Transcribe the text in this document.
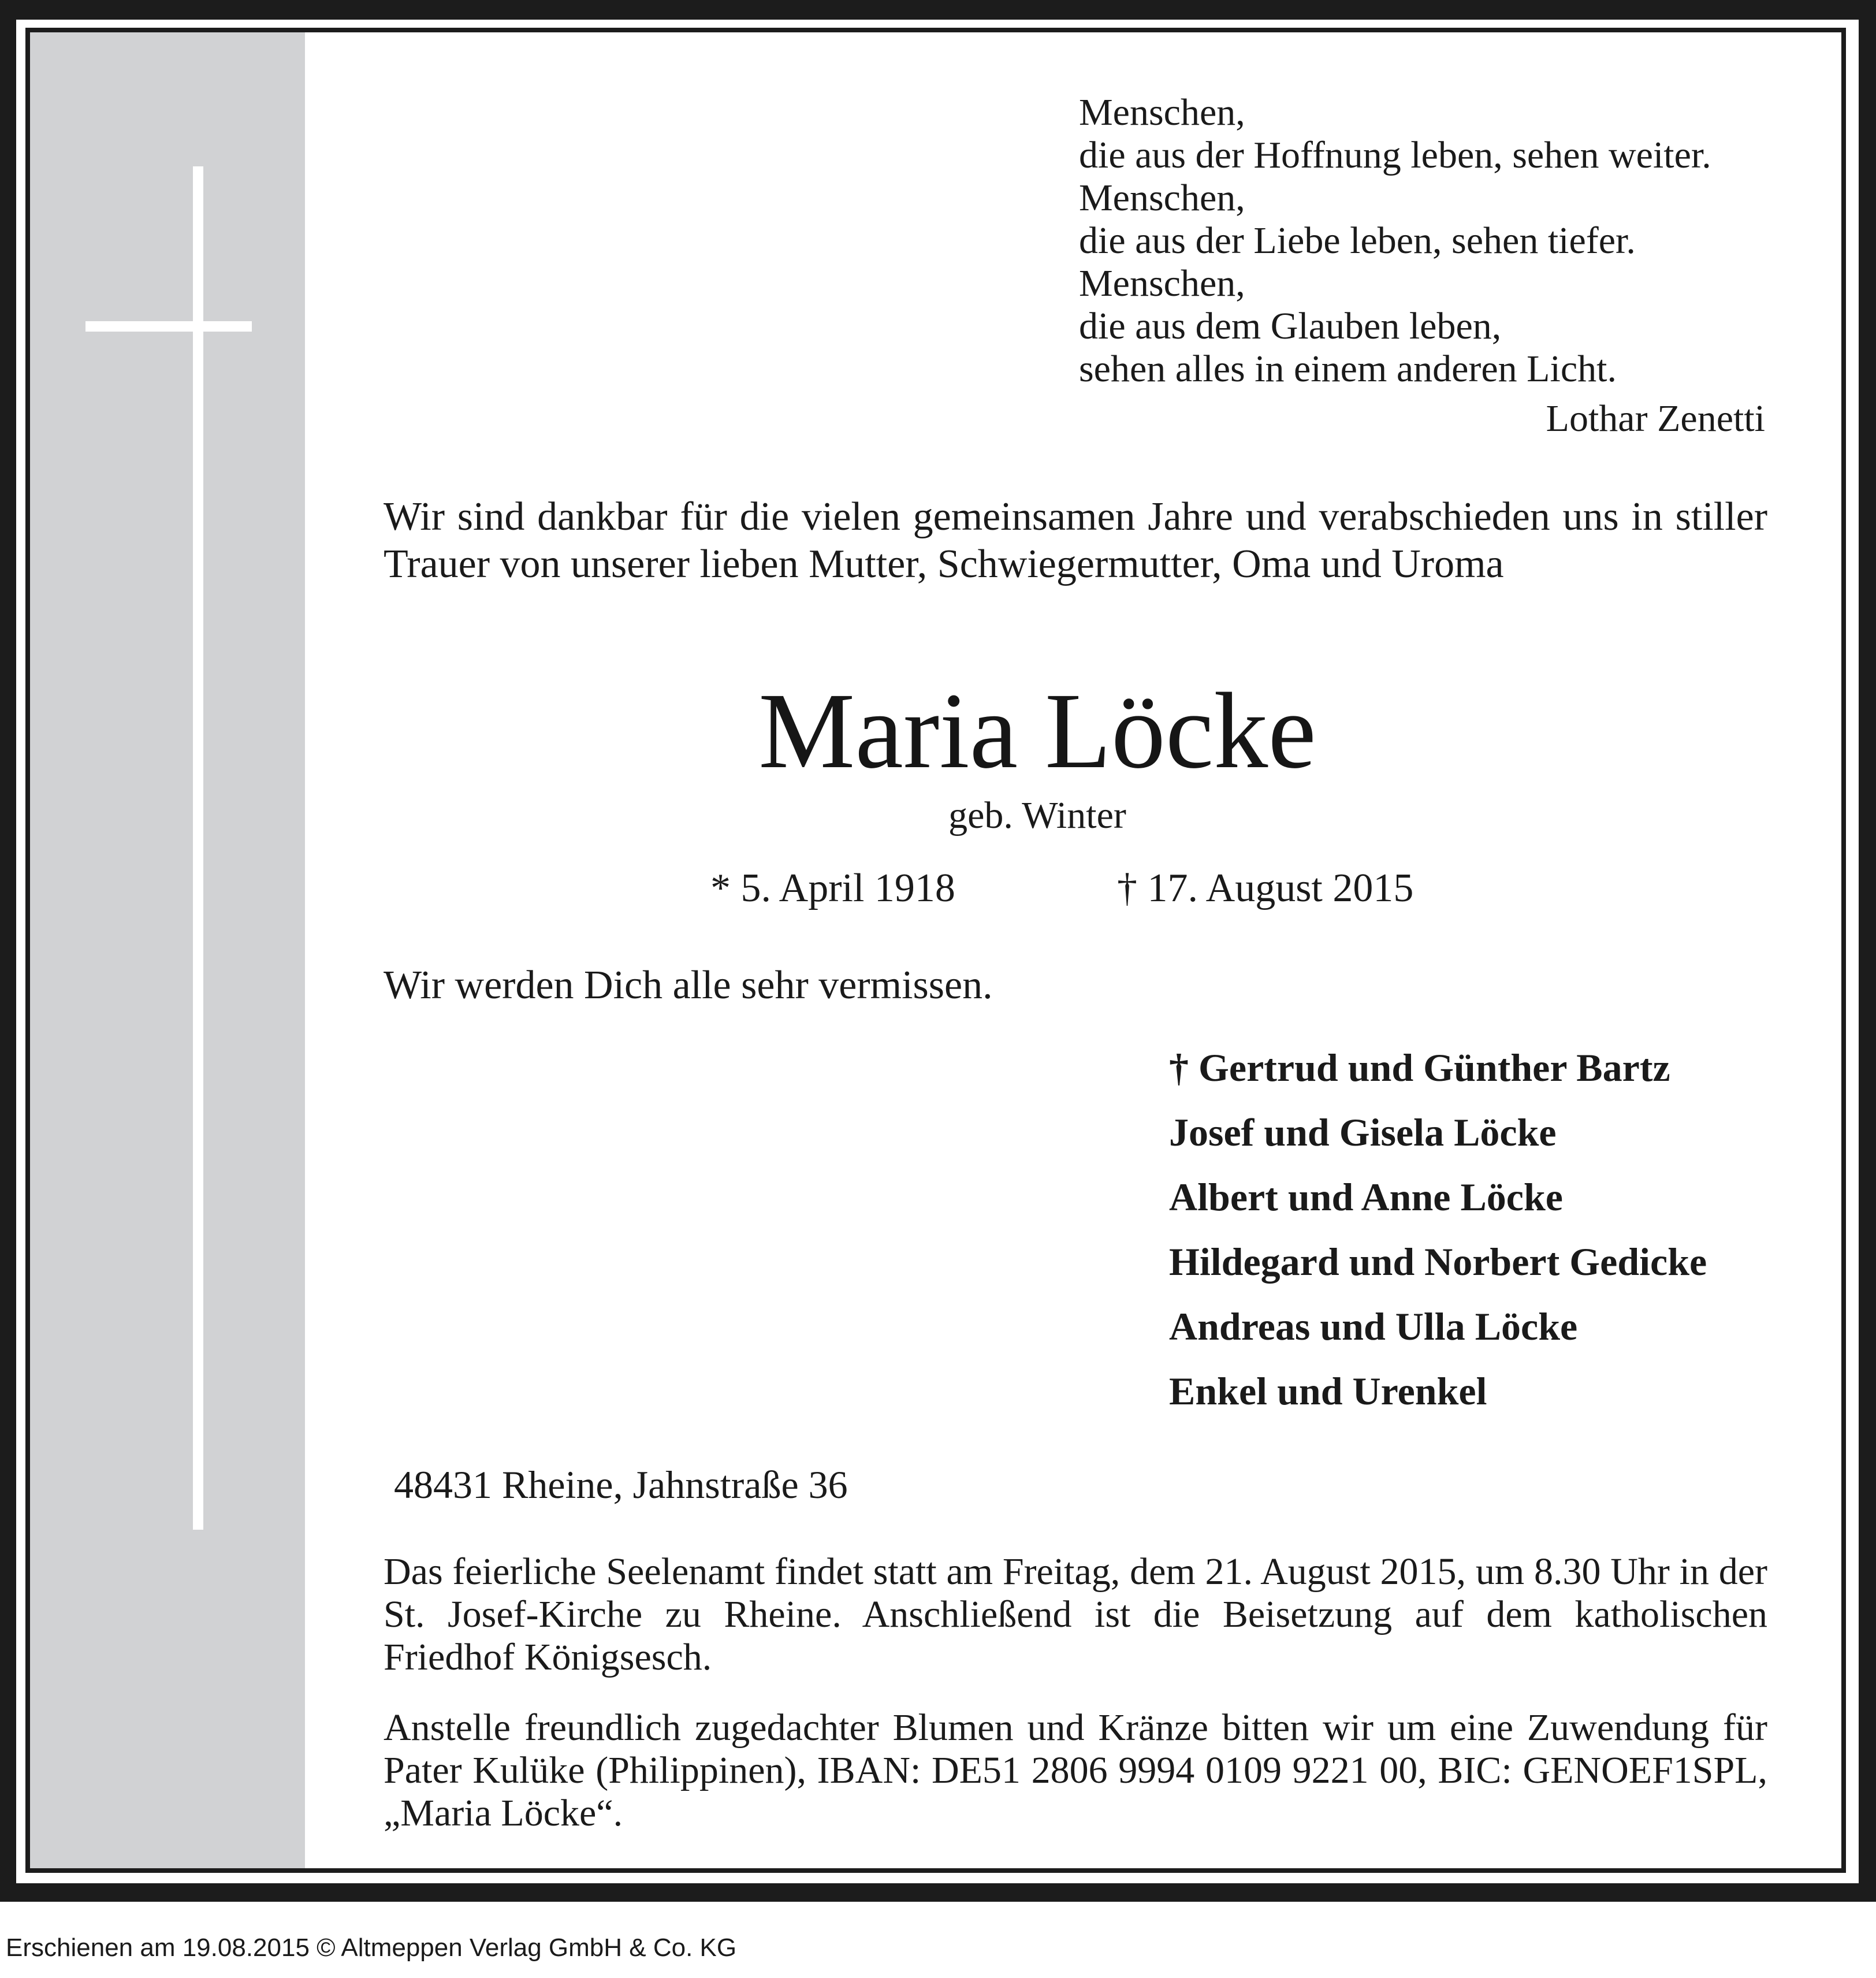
Menschen,
die aus der Hoffnung leben, sehen weiter.
Menschen,
die aus der Liebe leben, sehen tiefer.
Menschen,
die aus dem Glauben leben,
sehen alles in einem anderen Licht.

Lothar Zenetti

Wir sind dankbar für die vielen gemeinsamen Jahre und verabschieden uns in stiller Trauer von unserer lieben Mutter, Schwiegermutter, Oma und Uroma

Maria Löcke

geb. Winter

* 5. April 1918	† 17. August 2015

Wir werden Dich alle sehr vermissen.

† Gertrud und Günther Bartz
Josef und Gisela Löcke
Albert und Anne Löcke
Hildegard und Norbert Gedicke
Andreas und Ulla Löcke
Enkel und Urenkel

48431 Rheine, Jahnstraße 36

Das feierliche Seelenamt findet statt am Freitag, dem 21. August 2015, um 8.30 Uhr in der St. Josef-Kirche zu Rheine. Anschließend ist die Beisetzung auf dem katholischen Friedhof Königsesch.

Anstelle freundlich zugedachter Blumen und Kränze bitten wir um eine Zuwendung für Pater Kulüke (Philippinen), IBAN: DE51 2806 9994 0109 9221 00, BIC: GENOEF1SPL, „Maria Löcke“.

Erschienen am 19.08.2015 © Altmeppen Verlag GmbH & Co. KG
